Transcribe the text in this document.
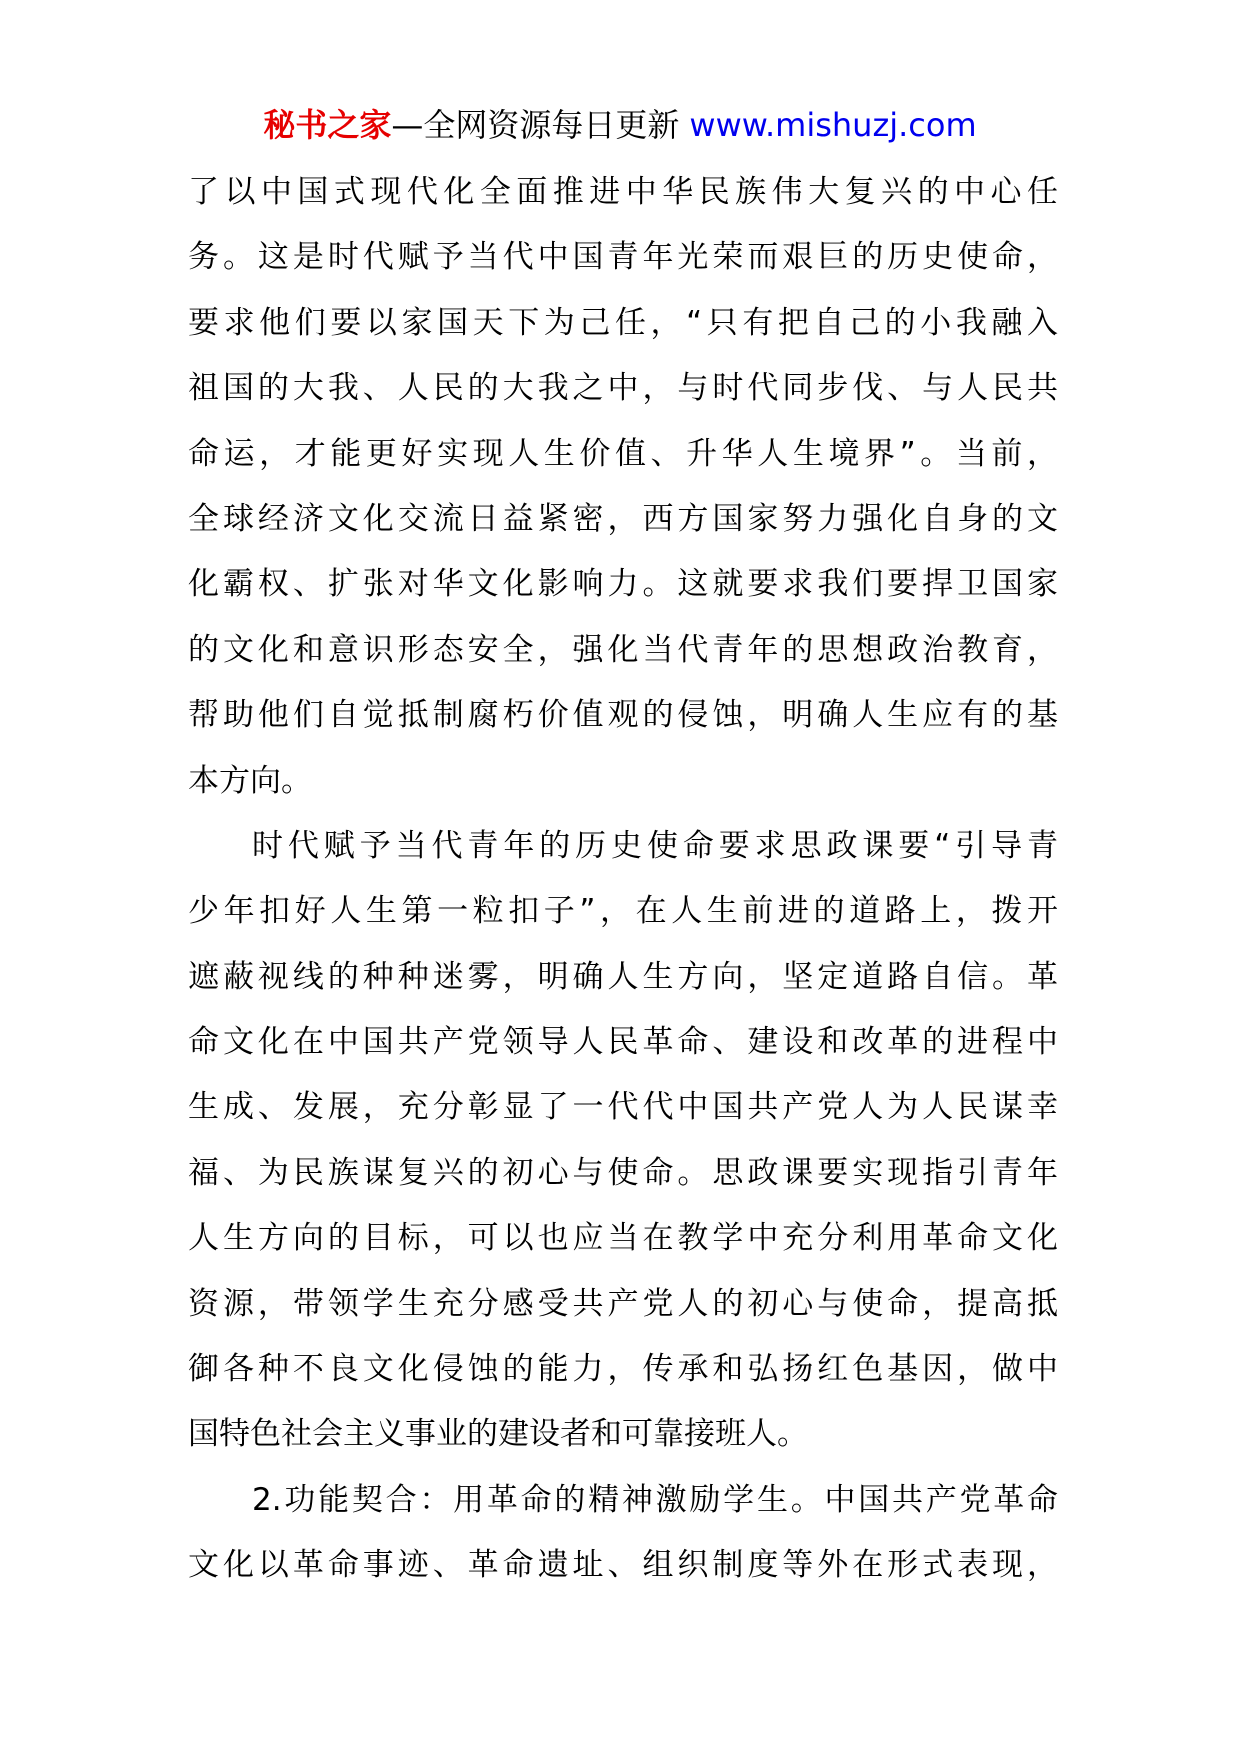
秘书之家—全网资源每日更新 www.mishuzj.com
了以中国式现代化全面推进中华民族伟大复兴的中心任
务。这是时代赋予当代中国青年光荣而艰巨的历史使命，
要求他们要以家国天下为己任，“只有把自己的小我融入
祖国的大我、人民的大我之中，与时代同步伐、与人民共
命运，才能更好实现人生价值、升华人生境界”。当前，
全球经济文化交流日益紧密，西方国家努力强化自身的文
化霸权、扩张对华文化影响力。这就要求我们要捍卫国家
的文化和意识形态安全，强化当代青年的思想政治教育，
帮助他们自觉抵制腐朽价值观的侵蚀，明确人生应有的基
本方向。
时代赋予当代青年的历史使命要求思政课要“引导青
少年扣好人生第一粒扣子”，在人生前进的道路上，拨开
遮蔽视线的种种迷雾，明确人生方向，坚定道路自信。革
命文化在中国共产党领导人民革命、建设和改革的进程中
生成、发展，充分彰显了一代代中国共产党人为人民谋幸
福、为民族谋复兴的初心与使命。思政课要实现指引青年
人生方向的目标，可以也应当在教学中充分利用革命文化
资源，带领学生充分感受共产党人的初心与使命，提高抵
御各种不良文化侵蚀的能力，传承和弘扬红色基因，做中
国特色社会主义事业的建设者和可靠接班人。
2.功能契合：用革命的精神激励学生。中国共产党革命
文化以革命事迹、革命遗址、组织制度等外在形式表现，
